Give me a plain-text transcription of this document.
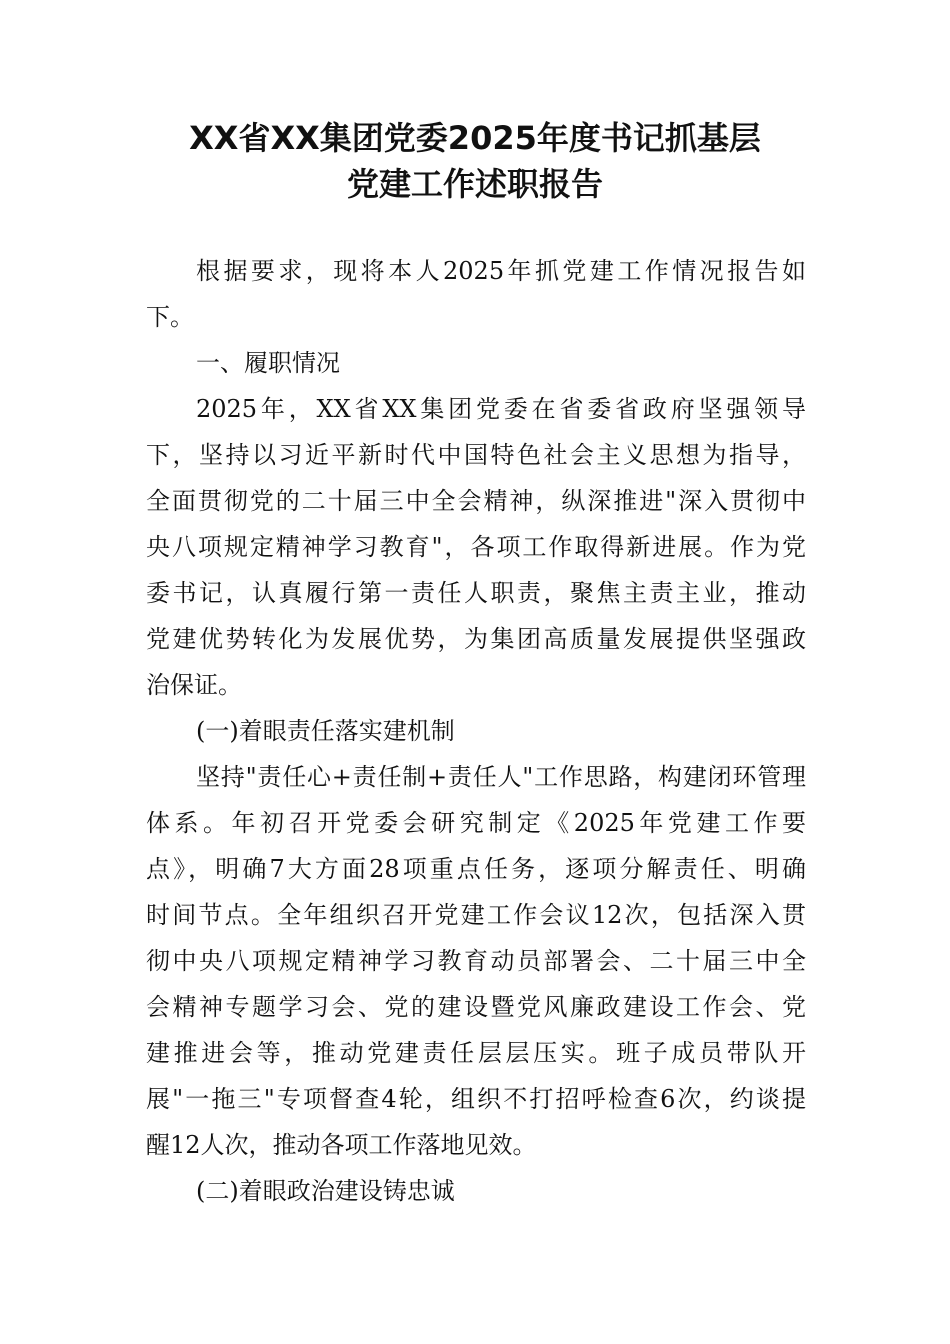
XX省XX集团党委2025年度书记抓基层
党建工作述职报告
根据要求，现将本人2025年抓党建工作情况报告如
下。
一、履职情况
2025年，XX省XX集团党委在省委省政府坚强领导
下，坚持以习近平新时代中国特色社会主义思想为指导，
全面贯彻党的二十届三中全会精神，纵深推进"深入贯彻中
央八项规定精神学习教育"，各项工作取得新进展。作为党
委书记，认真履行第一责任人职责，聚焦主责主业，推动
党建优势转化为发展优势，为集团高质量发展提供坚强政
治保证。
(一)着眼责任落实建机制
坚持"责任心+责任制+责任人"工作思路，构建闭环管理
体系。年初召开党委会研究制定《2025年党建工作要
点》，明确7大方面28项重点任务，逐项分解责任、明确
时间节点。全年组织召开党建工作会议12次，包括深入贯
彻中央八项规定精神学习教育动员部署会、二十届三中全
会精神专题学习会、党的建设暨党风廉政建设工作会、党
建推进会等，推动党建责任层层压实。班子成员带队开
展"一拖三"专项督查4轮，组织不打招呼检查6次，约谈提
醒12人次，推动各项工作落地见效。
(二)着眼政治建设铸忠诚
